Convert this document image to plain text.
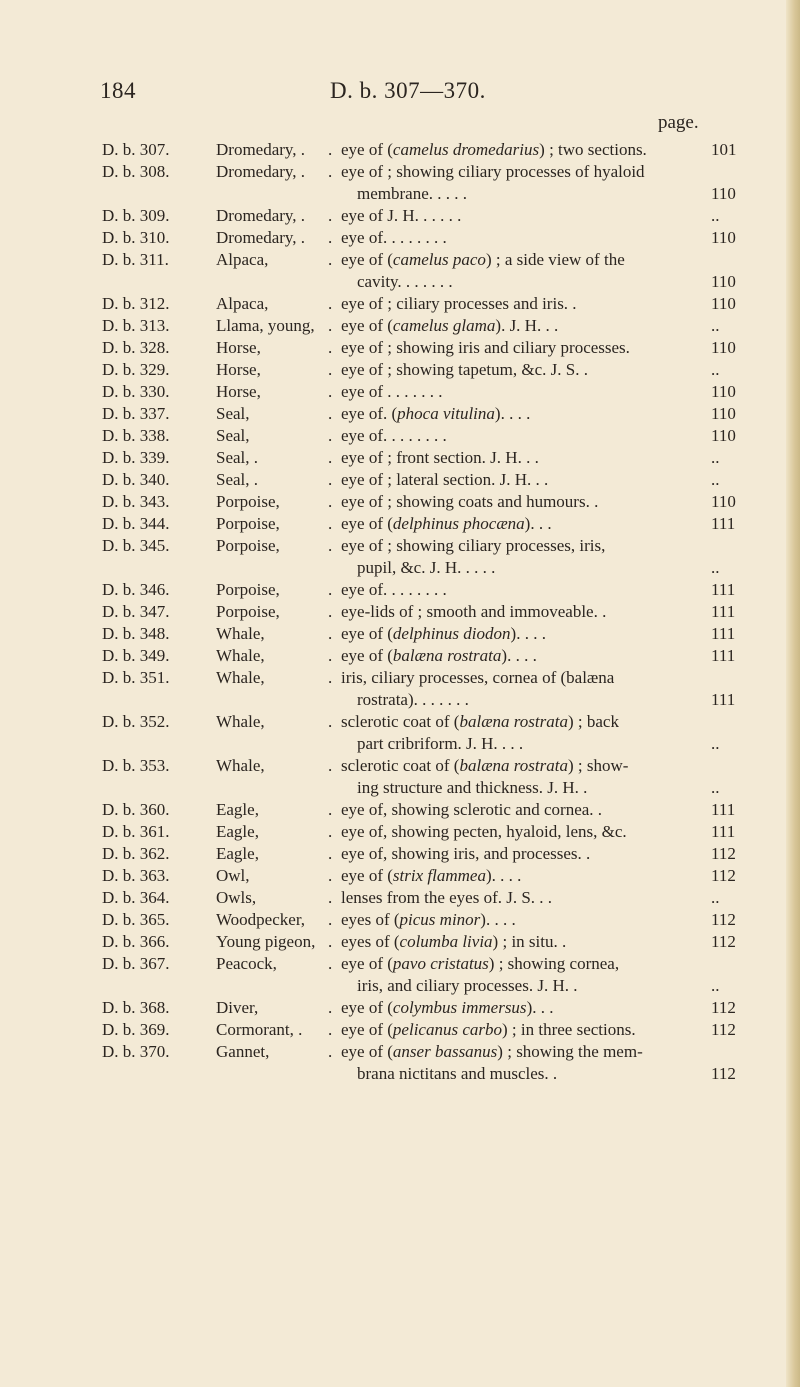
184	D. b. 307—370.
page.
D. b. 307.	Dromedary, . . eye of (camelus dromedarius) ; two sections.	101
D. b. 308.	Dromedary, . . eye of ; showing ciliary processes of hyaloid
membrane. . . . .	110
D. b. 309.	Dromedary, . . eye of J. H. . . . . .	..
D. b. 310.	Dromedary, . . eye of. . . . . . . .	110
D. b. 311.	Alpaca,	. eye of (camelus paco) ; a side view of the
cavity. . . . . . .	110
D. b. 312.	Alpaca,	. eye of ; ciliary processes and iris. .	110
D. b. 313.	Llama, young, . eye of (camelus glama). J. H. . .	..
D. b. 328.	Horse,	. eye of ; showing iris and ciliary processes.	110
D. b. 329.	Horse,	. eye of ; showing tapetum, &c. J. S. .	..
D. b. 330.	Horse,	. eye of . . . . . . .	110
D. b. 337.	Seal,	. eye of. (phoca vitulina). . . .	110
D. b. 338.	Seal,	. eye of. . . . . . . .	110
D. b. 339.	Seal, .	. eye of ; front section. J. H. . .	..
D. b. 340.	Seal, .	. eye of ; lateral section. J. H. . .	..
D. b. 343.	Porpoise,	. eye of ; showing coats and humours. .	110
D. b. 344.	Porpoise,	. eye of (delphinus phocæna). . .	111
D. b. 345.	Porpoise,	. eye of ; showing ciliary processes, iris,
pupil, &c. J. H. . . . .	..
D. b. 346.	Porpoise,	. eye of. . . . . . . .	111
D. b. 347.	Porpoise,	. eye-lids of ; smooth and immoveable. .	111
D. b. 348.	Whale,	. eye of (delphinus diodon). . . .	111
D. b. 349.	Whale,	. eye of (balæna rostrata). . . .	111
D. b. 351.	Whale,	. iris, ciliary processes, cornea of (balæna
rostrata). . . . . . .	111
D. b. 352.	Whale,	. sclerotic coat of (balæna rostrata) ; back
part cribriform. J. H. . . .	..
D. b. 353.	Whale,	. sclerotic coat of (balæna rostrata) ; show-
ing structure and thickness. J. H. .	..
D. b. 360.	Eagle,	. eye of, showing sclerotic and cornea. .	111
D. b. 361.	Eagle,	. eye of, showing pecten, hyaloid, lens, &c.	111
D. b. 362.	Eagle,	. eye of, showing iris, and processes. .	112
D. b. 363.	Owl,	. eye of (strix flammea). . . .	112
D. b. 364.	Owls,	. lenses from the eyes of. J. S. . .	..
D. b. 365.	Woodpecker, . eyes of (picus minor). . . .	112
D. b. 366.	Young pigeon, . eyes of (columba livia) ; in situ. .	112
D. b. 367.	Peacock,	. eye of (pavo cristatus) ; showing cornea,
iris, and ciliary processes. J. H. .	..
D. b. 368.	Diver,	. eye of (colymbus immersus). . .	112
D. b. 369.	Cormorant, . . eye of (pelicanus carbo) ; in three sections.	112
D. b. 370.	Gannet,	. eye of (anser bassanus) ; showing the mem-
brana nictitans and muscles. .	112
